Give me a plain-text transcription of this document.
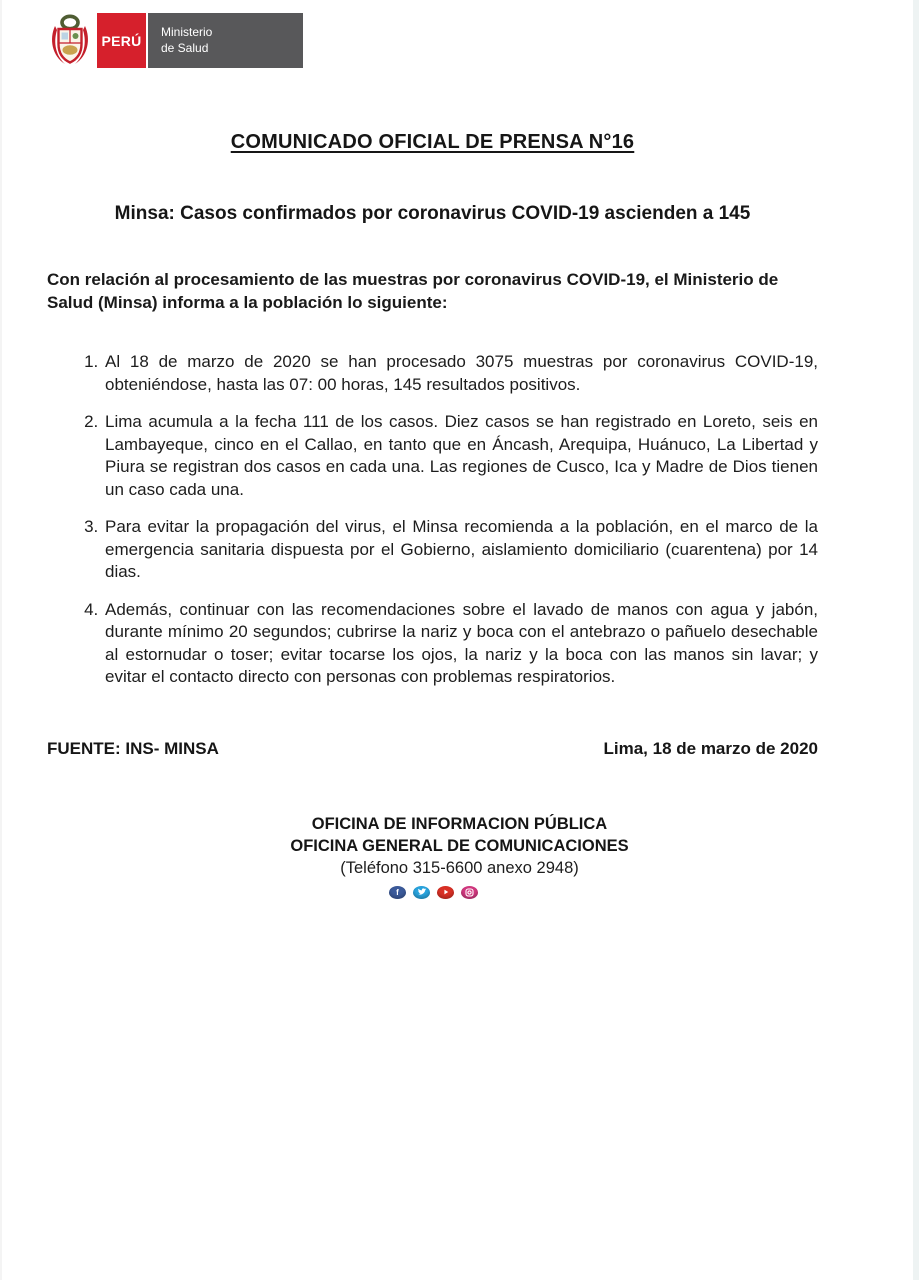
PERÚ
Ministerio
de Salud
COMUNICADO OFICIAL DE PRENSA N°16
Minsa: Casos confirmados por coronavirus COVID-19 ascienden a 145

Con relación al procesamiento de las muestras por coronavirus COVID-19, el Ministerio de Salud (Minsa) informa a la población lo siguiente:

1. Al 18 de marzo de 2020 se han procesado 3075 muestras por coronavirus COVID-19, obteniéndose, hasta las 07: 00 horas, 145 resultados positivos.
2. Lima acumula a la fecha 111 de los casos. Diez casos se han registrado en Loreto, seis en Lambayeque, cinco en el Callao, en tanto que en Áncash, Arequipa, Huánuco, La Libertad y Piura se registran dos casos en cada una. Las regiones de Cusco, Ica y Madre de Dios tienen un caso cada una.
3. Para evitar la propagación del virus, el Minsa recomienda a la población, en el marco de la emergencia sanitaria dispuesta por el Gobierno, aislamiento domiciliario (cuarentena) por 14 dias.
4. Además, continuar con las recomendaciones sobre el lavado de manos con agua y jabón, durante mínimo 20 segundos; cubrirse la nariz y boca con el antebrazo o pañuelo desechable al estornudar o toser; evitar tocarse los ojos, la nariz y la boca con las manos sin lavar; y evitar el contacto directo con personas con problemas respiratorios.
FUENTE: INS- MINSA	Lima, 18 de marzo de 2020
OFICINA DE INFORMACION PÚBLICA
OFICINA GENERAL DE COMUNICACIONES
(Teléfono 315-6600 anexo 2948)
f
